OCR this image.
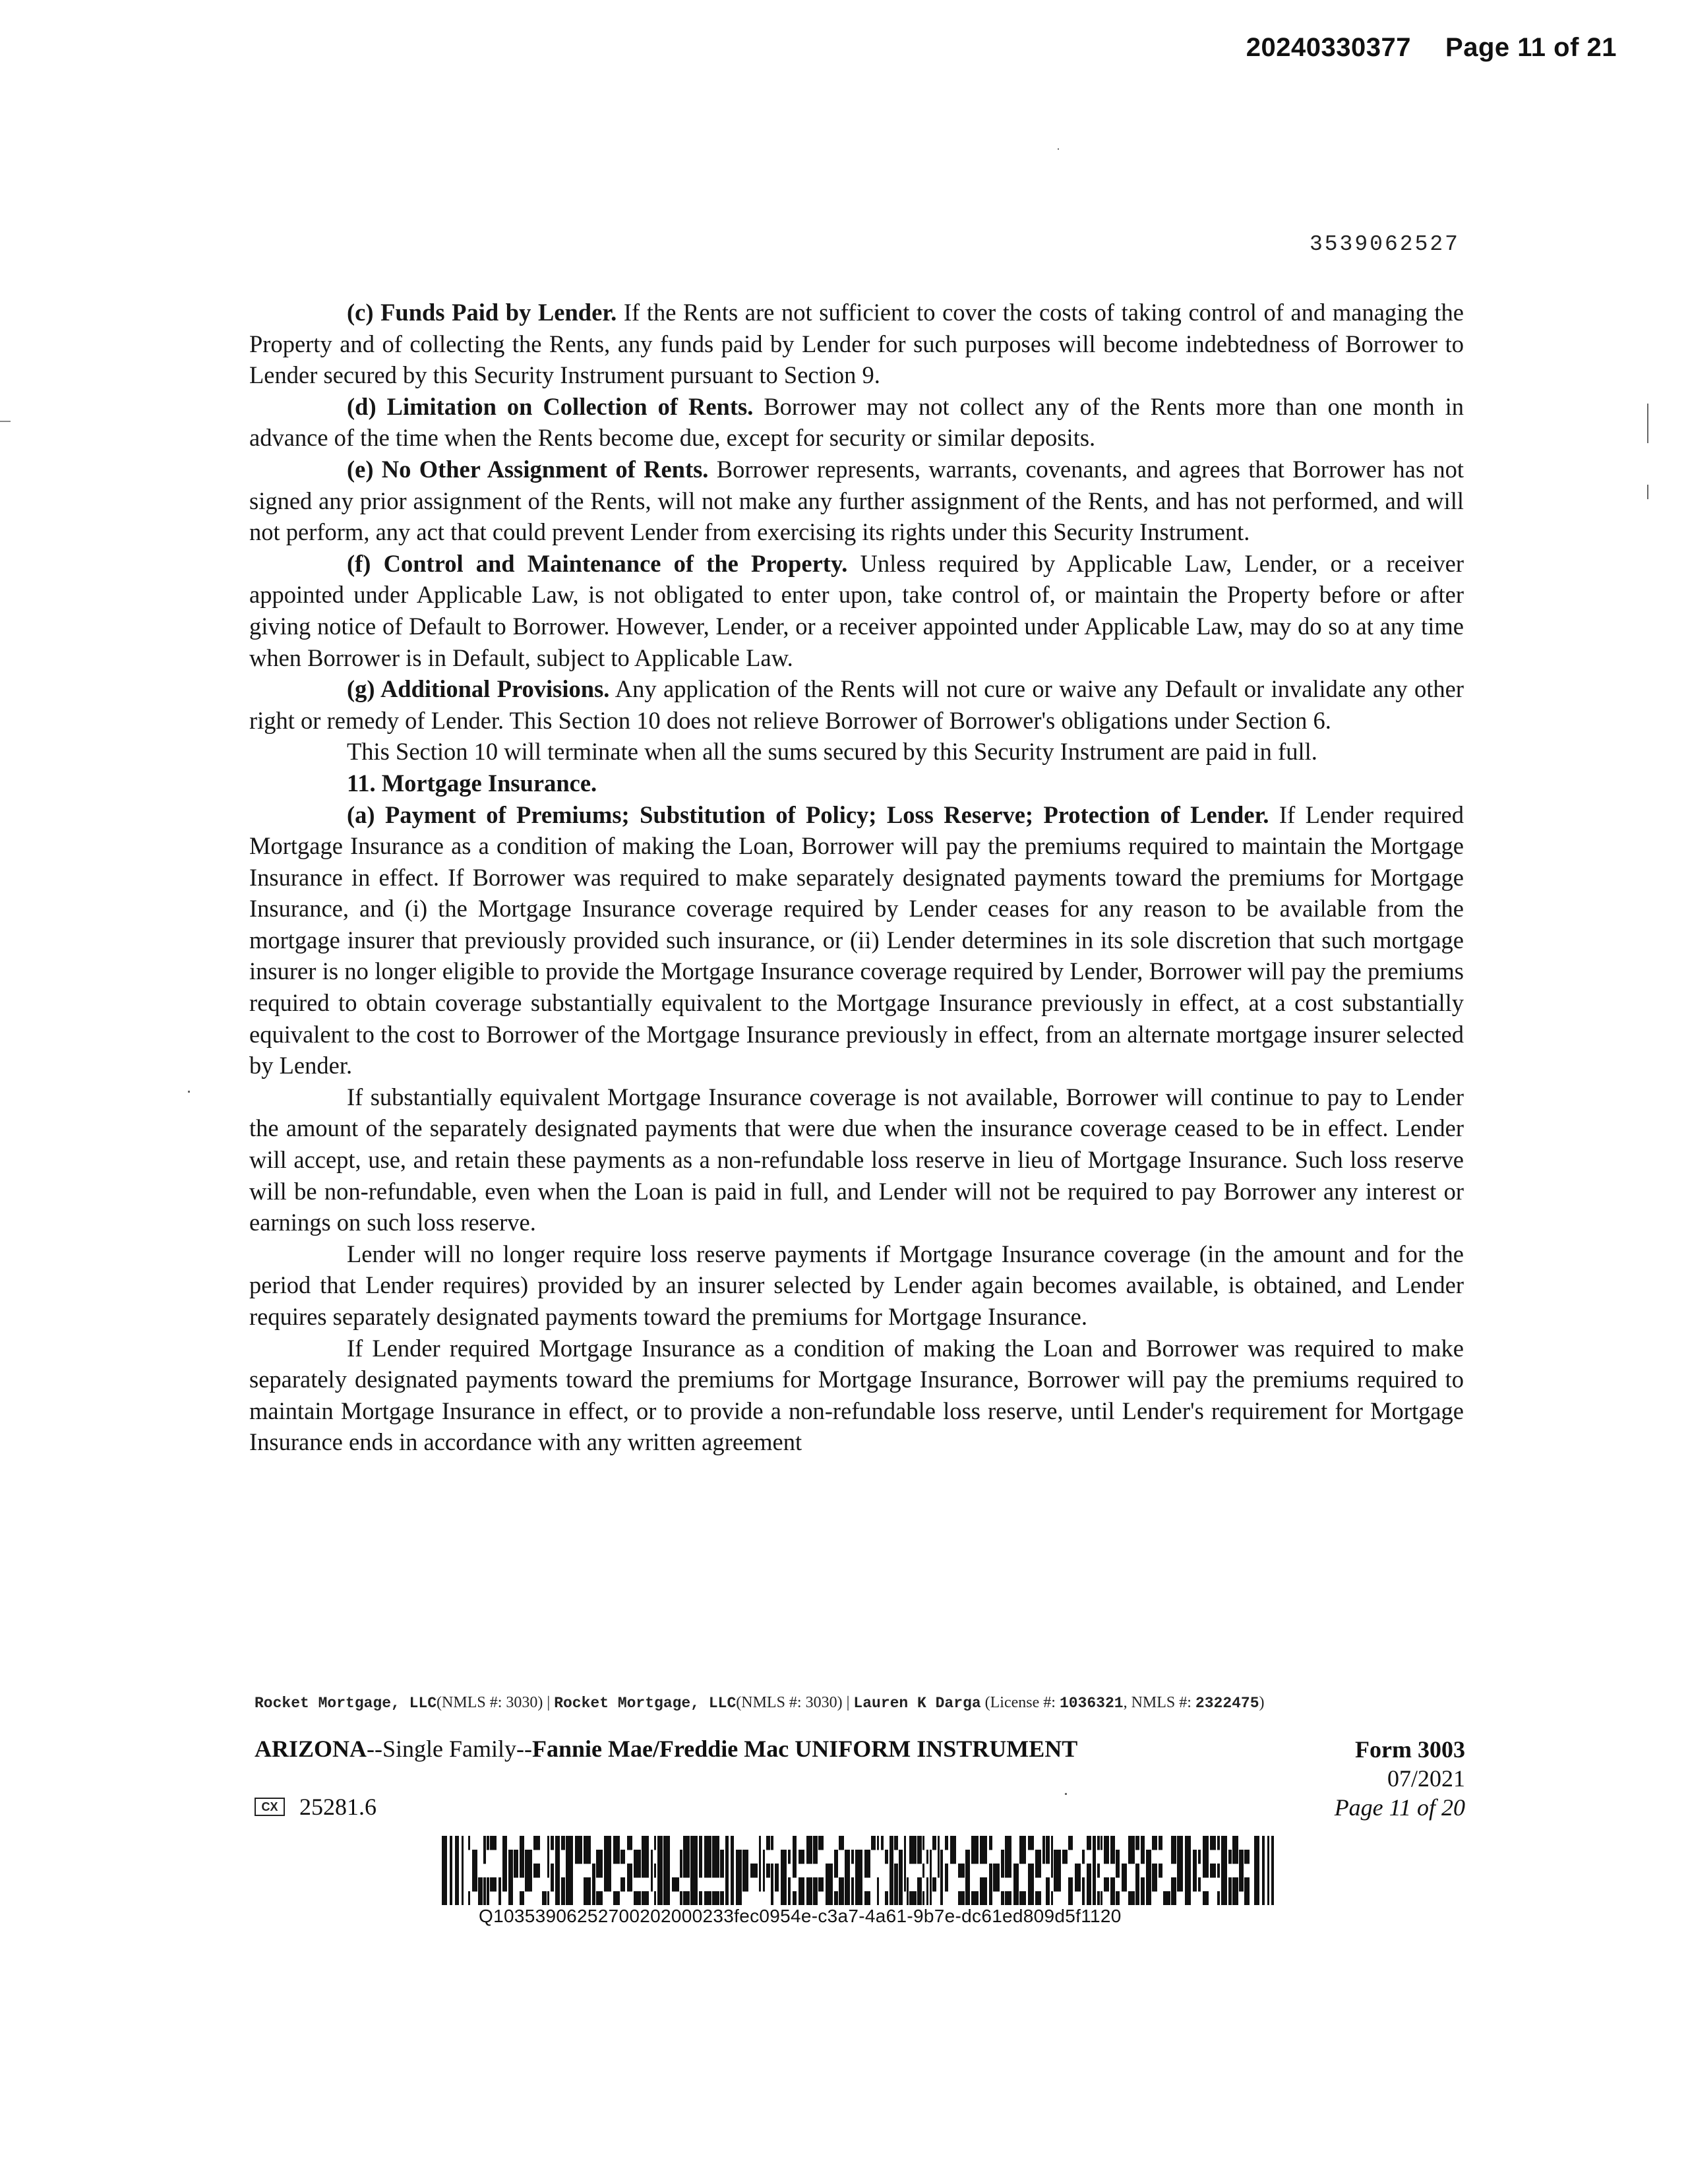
20240330377 Page 11 of 21
3539062527

(c) Funds Paid by Lender. If the Rents are not sufficient to cover the costs of taking control of and managing the Property and of collecting the Rents, any funds paid by Lender for such purposes will become indebtedness of Borrower to Lender secured by this Security Instrument pursuant to Section 9.

(d) Limitation on Collection of Rents. Borrower may not collect any of the Rents more than one month in advance of the time when the Rents become due, except for security or similar deposits.

(e) No Other Assignment of Rents. Borrower represents, warrants, covenants, and agrees that Borrower has not signed any prior assignment of the Rents, will not make any further assignment of the Rents, and has not performed, and will not perform, any act that could prevent Lender from exercising its rights under this Security Instrument.

(f) Control and Maintenance of the Property. Unless required by Applicable Law, Lender, or a receiver appointed under Applicable Law, is not obligated to enter upon, take control of, or maintain the Property before or after giving notice of Default to Borrower. However, Lender, or a receiver appointed under Applicable Law, may do so at any time when Borrower is in Default, subject to Applicable Law.

(g) Additional Provisions. Any application of the Rents will not cure or waive any Default or invalidate any other right or remedy of Lender. This Section 10 does not relieve Borrower of Borrower's obligations under Section 6.

This Section 10 will terminate when all the sums secured by this Security Instrument are paid in full.

11. Mortgage Insurance.

(a) Payment of Premiums; Substitution of Policy; Loss Reserve; Protection of Lender. If Lender required Mortgage Insurance as a condition of making the Loan, Borrower will pay the premiums required to maintain the Mortgage Insurance in effect. If Borrower was required to make separately designated payments toward the premiums for Mortgage Insurance, and (i) the Mortgage Insurance coverage required by Lender ceases for any reason to be available from the mortgage insurer that previously provided such insurance, or (ii) Lender determines in its sole discretion that such mortgage insurer is no longer eligible to provide the Mortgage Insurance coverage required by Lender, Borrower will pay the premiums required to obtain coverage substantially equivalent to the Mortgage Insurance previously in effect, at a cost substantially equivalent to the cost to Borrower of the Mortgage Insurance previously in effect, from an alternate mortgage insurer selected by Lender.

If substantially equivalent Mortgage Insurance coverage is not available, Borrower will continue to pay to Lender the amount of the separately designated payments that were due when the insurance coverage ceased to be in effect. Lender will accept, use, and retain these payments as a non-refundable loss reserve in lieu of Mortgage Insurance. Such loss reserve will be non-refundable, even when the Loan is paid in full, and Lender will not be required to pay Borrower any interest or earnings on such loss reserve.

Lender will no longer require loss reserve payments if Mortgage Insurance coverage (in the amount and for the period that Lender requires) provided by an insurer selected by Lender again becomes available, is obtained, and Lender requires separately designated payments toward the premiums for Mortgage Insurance.

If Lender required Mortgage Insurance as a condition of making the Loan and Borrower was required to make separately designated payments toward the premiums for Mortgage Insurance, Borrower will pay the premiums required to maintain Mortgage Insurance in effect, or to provide a non-refundable loss reserve, until Lender's requirement for Mortgage Insurance ends in accordance with any written agreement

Rocket Mortgage, LLC(NMLS #: 3030) | Rocket Mortgage, LLC(NMLS #: 3030) | Lauren K Darga (License #: 1036321, NMLS #: 2322475)
ARIZONA--Single Family--Fannie Mae/Freddie Mac UNIFORM INSTRUMENT	Form 3003
07/2021
Page 11 of 20
CX 25281.6
Q10353906252700202000233fec0954e-c3a7-4a61-9b7e-dc61ed809d5f1120
